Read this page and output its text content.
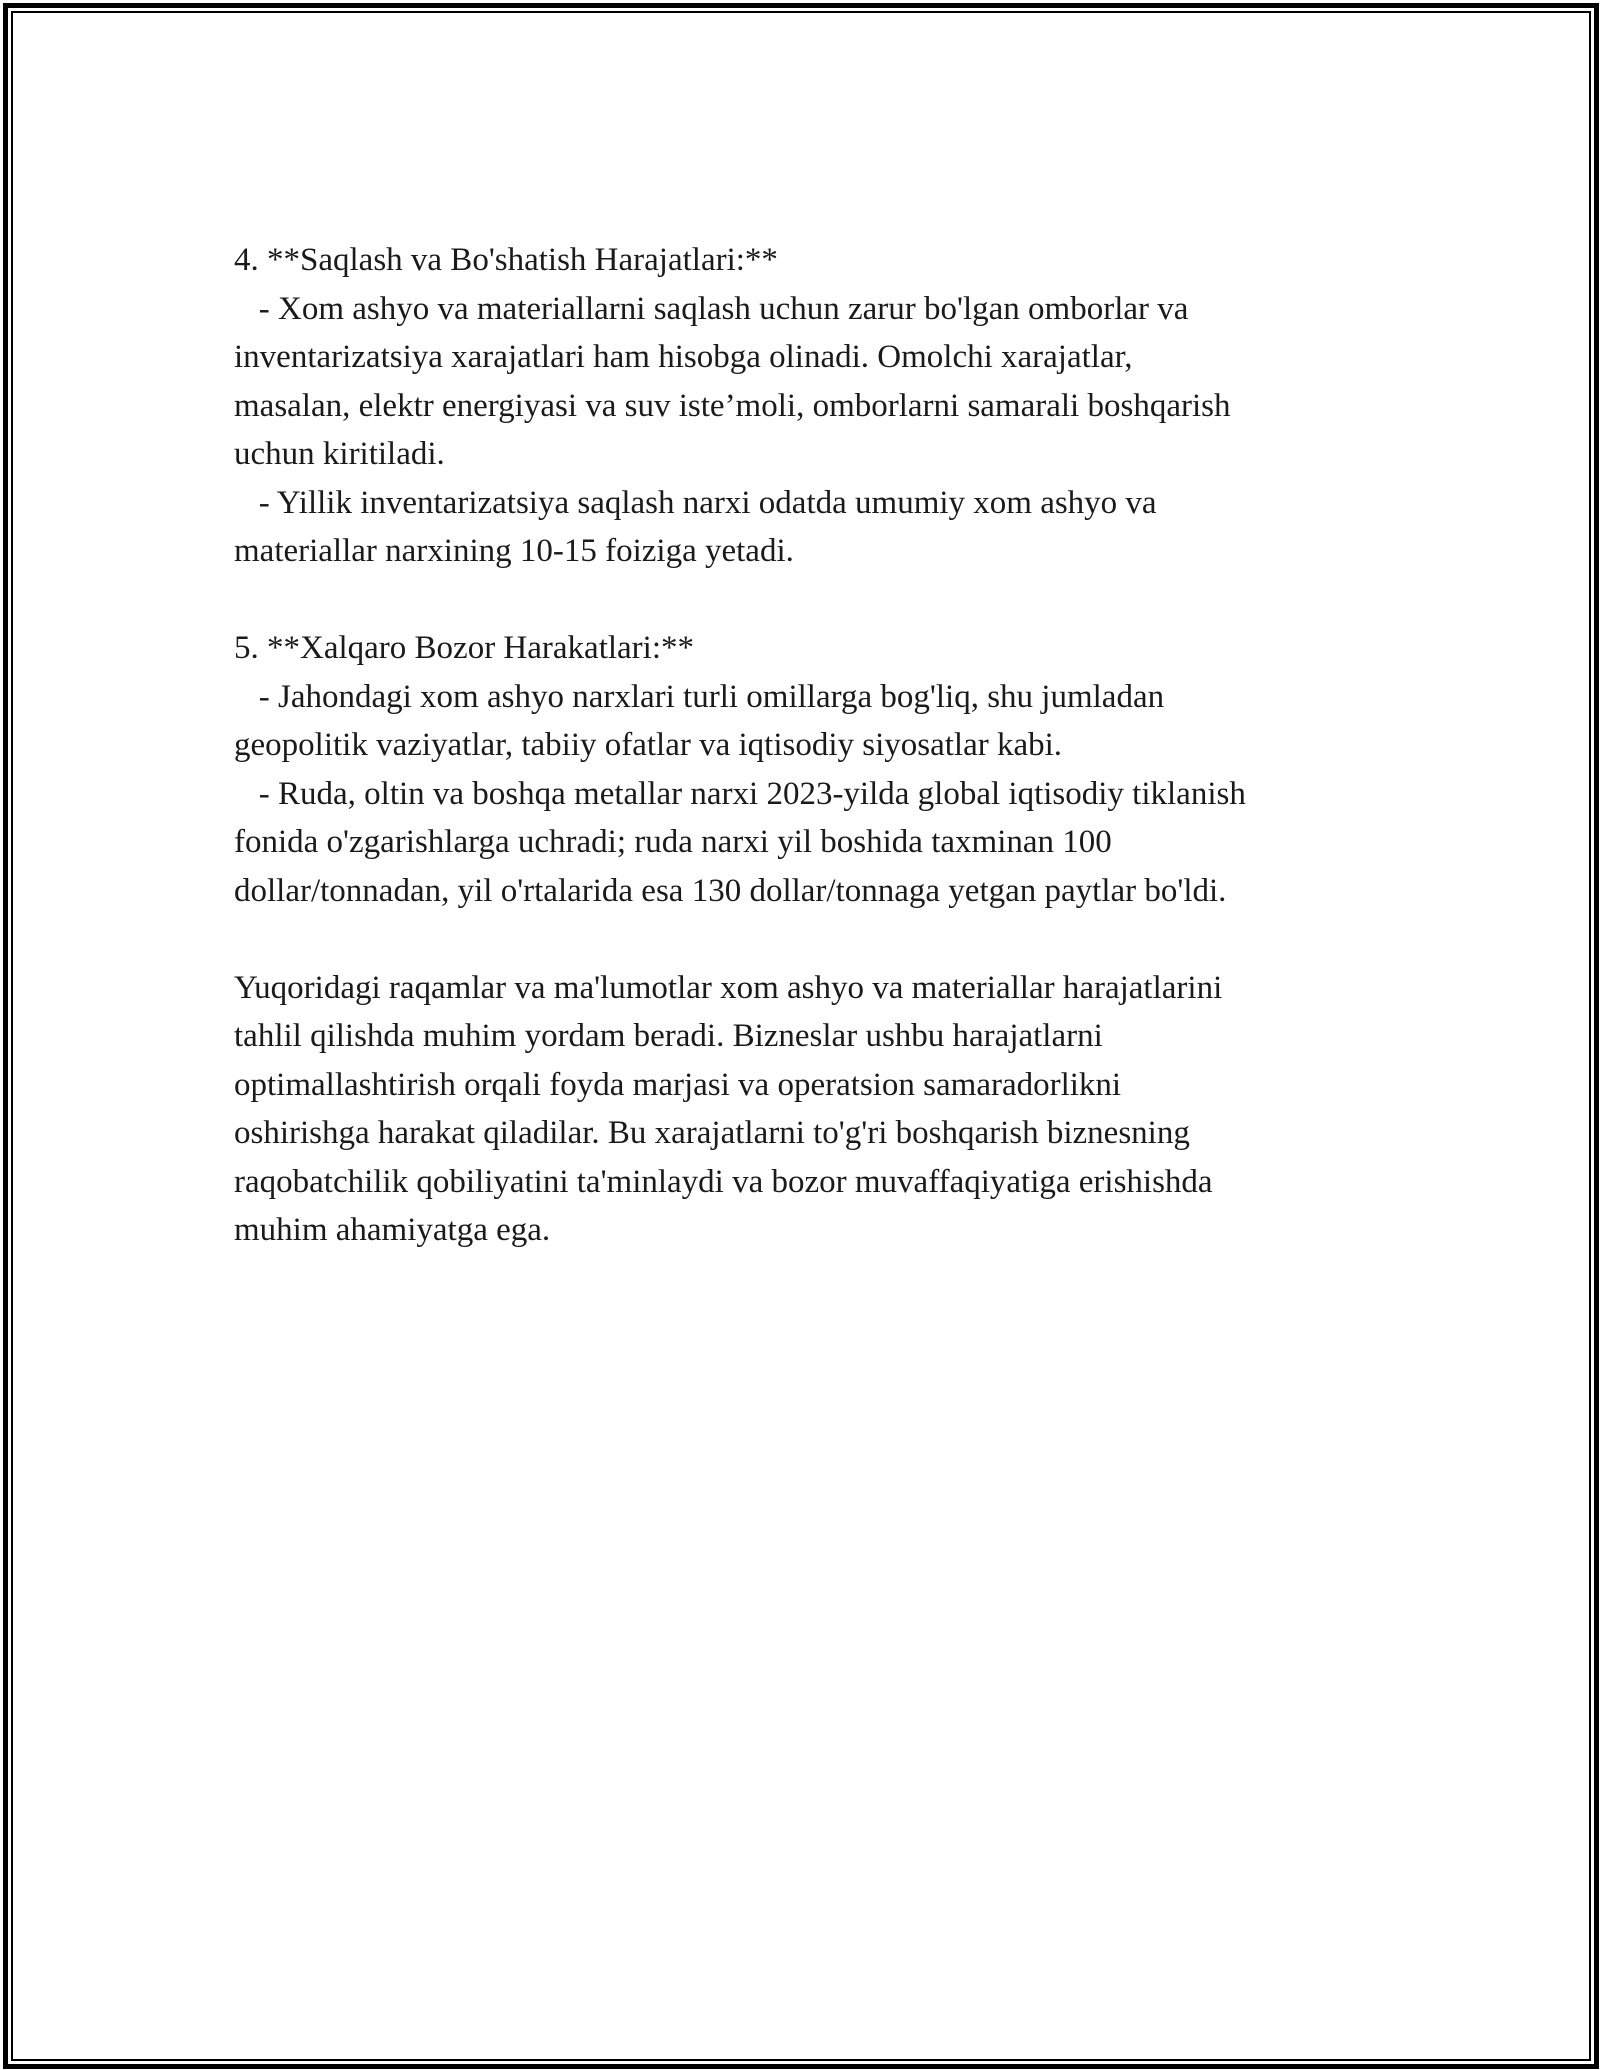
4. **Saqlash va Bo'shatish Harajatlari:**
- Xom ashyo va materiallarni saqlash uchun zarur bo'lgan omborlar va
inventarizatsiya xarajatlari ham hisobga olinadi. Omolchi xarajatlar,
masalan, elektr energiyasi va suv iste’moli, omborlarni samarali boshqarish
uchun kiritiladi.
- Yillik inventarizatsiya saqlash narxi odatda umumiy xom ashyo va
materiallar narxining 10-15 foiziga yetadi.
5. **Xalqaro Bozor Harakatlari:**
- Jahondagi xom ashyo narxlari turli omillarga bog'liq, shu jumladan
geopolitik vaziyatlar, tabiiy ofatlar va iqtisodiy siyosatlar kabi.
- Ruda, oltin va boshqa metallar narxi 2023-yilda global iqtisodiy tiklanish
fonida o'zgarishlarga uchradi; ruda narxi yil boshida taxminan 100
dollar/tonnadan, yil o'rtalarida esa 130 dollar/tonnaga yetgan paytlar bo'ldi.
Yuqoridagi raqamlar va ma'lumotlar xom ashyo va materiallar harajatlarini
tahlil qilishda muhim yordam beradi. Bizneslar ushbu harajatlarni
optimallashtirish orqali foyda marjasi va operatsion samaradorlikni
oshirishga harakat qiladilar. Bu xarajatlarni to'g'ri boshqarish biznesning
raqobatchilik qobiliyatini ta'minlaydi va bozor muvaffaqiyatiga erishishda
muhim ahamiyatga ega.
